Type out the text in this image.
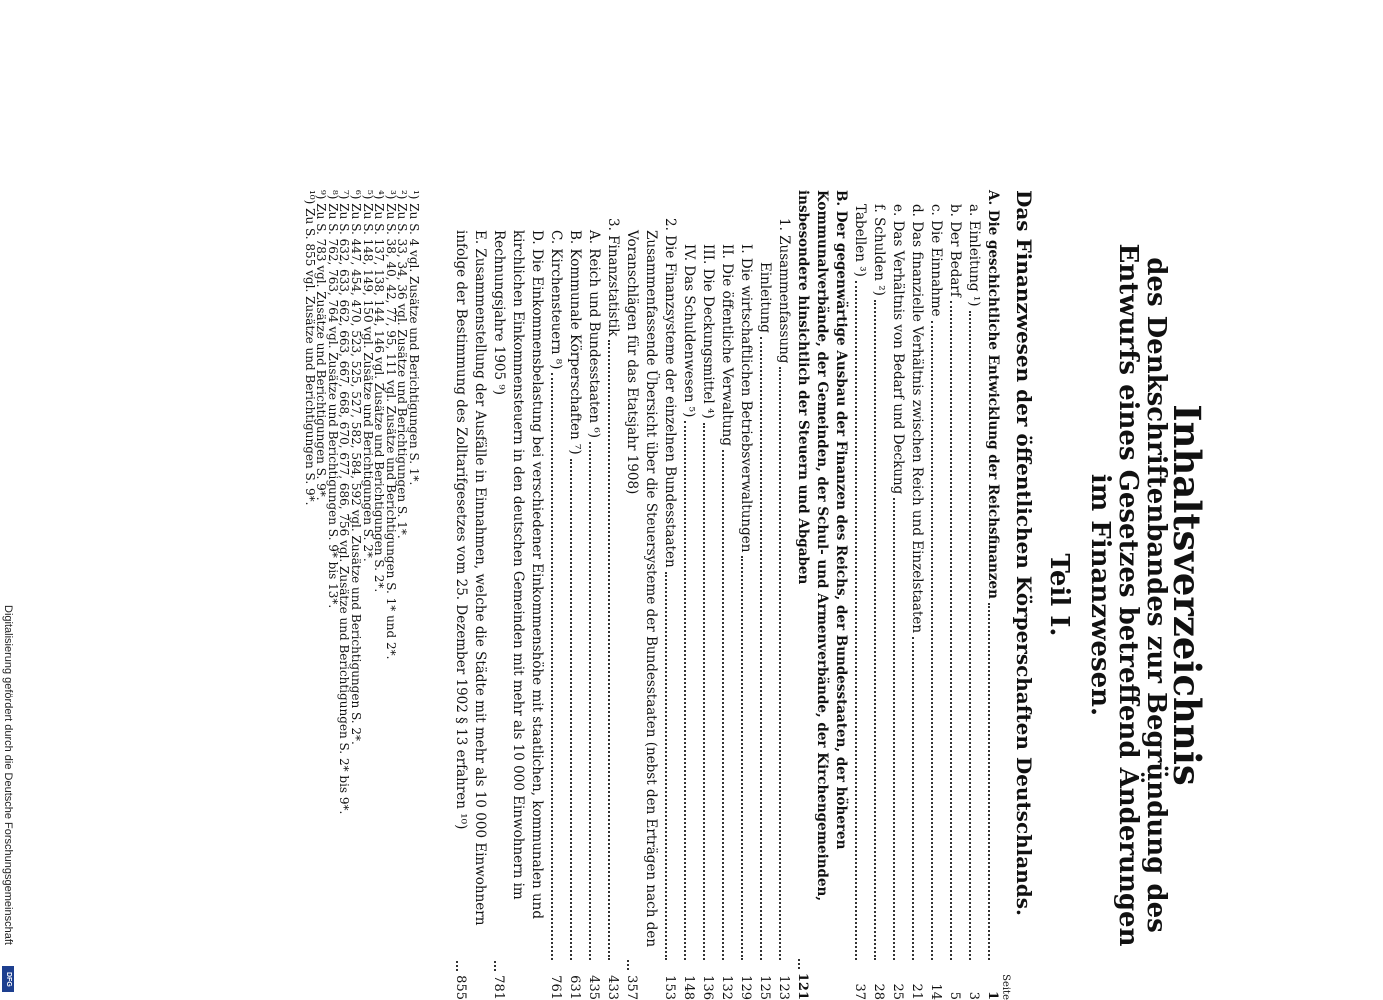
Inhaltsverzeichnis
des Denkschriftenbandes zur Begründung des Entwurfs eines Gesetzes betreffend Änderungen im Finanzwesen.
Teil I.
Das Finanzwesen der öffentlichen Körperschaften Deutschlands.
Seite
A. Die geschichtliche Entwicklung der Reichsfinanzen
1
a. Einleitung ¹)
3
b. Der Bedarf
5
c. Die Einnahme
14
d. Das finanzielle Verhältnis zwischen Reich und Einzelstaaten
21
e. Das Verhältnis von Bedarf und Deckung
25
f. Schulden ²)
28
Tabellen ³)
37
B. Der gegenwärtige Ausbau der Finanzen des Reichs, der Bundesstaaten, der höheren Kommunalverbände, der Gemeinden, der Schul- und Armenverbände, der Kirchengemeinden, insbesondere hinsichtlich der Steuern und Abgaben
121
1. Zusammenfassung
123
Einleitung
125
I. Die wirtschaftlichen Betriebsverwaltungen
129
II. Die öffentliche Verwaltung
132
III. Die Deckungsmittel ⁴)
136
IV. Das Schuldenwesen ⁵)
148
2. Die Finanzsysteme der einzelnen Bundesstaaten
153
Zusammenfassende Übersicht über die Steuersysteme der Bundesstaaten (nebst den Erträgen nach den Voranschlägen für das Etatsjahr 1908)
357
3. Finanzstatistik
433
A. Reich und Bundesstaaten ⁶)
435
B. Kommunale Körperschaften ⁷)
631
C. Kirchensteuern ⁸)
761
D. Die Einkommensbelastung bei verschiedener Einkommenshöhe mit staatlichen, kommunalen und kirchlichen Einkommensteuern in den deutschen Gemeinden mit mehr als 10 000 Einwohnern im Rechnungsjahre 1905 ⁹)
781
E. Zusammenstellung der Ausfälle in Einnahmen, welche die Städte mit mehr als 10 000 Einwohnern infolge der Bestimmung des Zolltarifgesetzes vom 25. Dezember 1902 § 13 erfahren ¹⁰)
855
¹) Zu S. 4 vgl. Zusätze und Berichtigungen S. 1*.
²) Zu S. 33, 34, 36 vgl. Zusätze und Berichtigungen S. 1*.
³) Zu S. 38, 40, 42, 77, 95, 111 vgl. Zusätze und Berichtigungen S. 1* und 2*.
⁴) Zu S. 137, 138, 144, 146 vgl. Zusätze und Berichtigungen S. 2*.
⁵) Zu S. 148, 149, 150 vgl. Zusätze und Berichtigungen S. 2*.
⁶) Zu S. 447, 454, 470, 523, 525, 527, 582, 584, 592 vgl. Zusätze und Berichtigungen S. 2*.
⁷) Zu S. 632, 633, 662, 663, 667, 668, 670, 677, 686, 756 vgl. Zusätze und Berichtigungen S. 2* bis 9*.
⁸) Zu S. 762, 763, 764 vgl. Zusätze und Berichtigungen S. 9* bis 13*.
⁹) Zu S. 783 vgl. Zusätze und Berichtigungen S. 9*.
¹⁰) Zu S. 855 vgl. Zusätze und Berichtigungen S. 9*.
Digitalisierung gefördert durch die Deutsche Forschungsgemeinschaft
DFG
